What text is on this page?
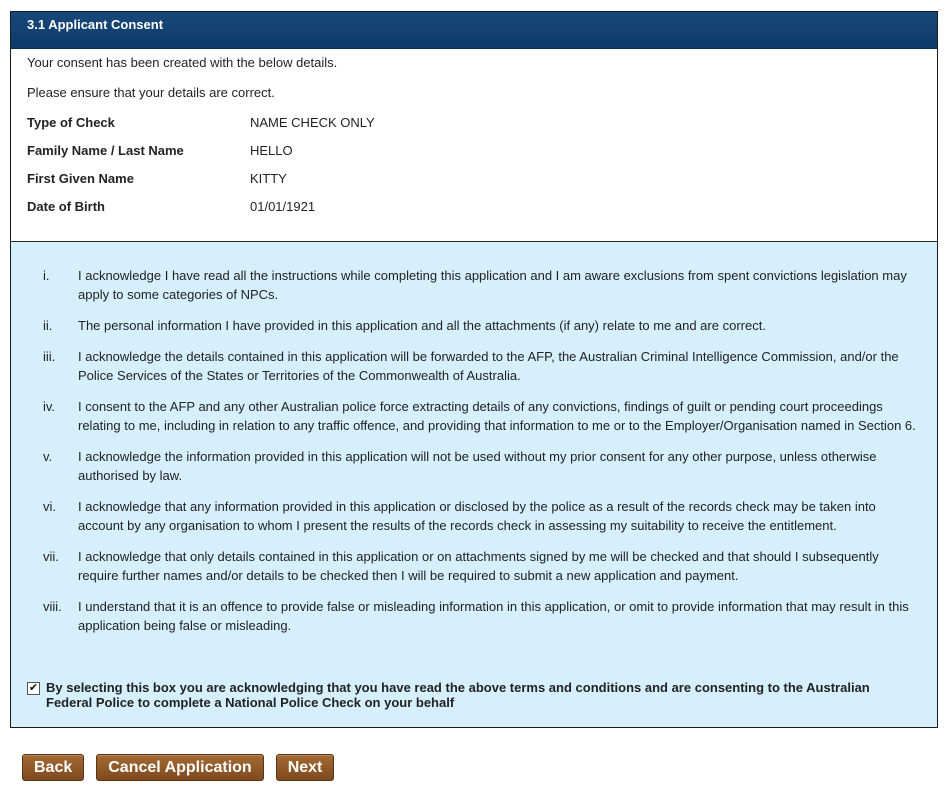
3.1 Applicant Consent

Your consent has been created with the below details.

Please ensure that your details are correct.

Type of Check	NAME CHECK ONLY
Family Name / Last Name	HELLO
First Given Name	KITTY
Date of Birth	01/01/1921
i.	I acknowledge I have read all the instructions while completing this application and I am aware exclusions from spent convictions legislation may apply to some categories of NPCs.
ii.	The personal information I have provided in this application and all the attachments (if any) relate to me and are correct.
iii.	I acknowledge the details contained in this application will be forwarded to the AFP, the Australian Criminal Intelligence Commission, and/or the Police Services of the States or Territories of the Commonwealth of Australia.
iv.	I consent to the AFP and any other Australian police force extracting details of any convictions, findings of guilt or pending court proceedings relating to me, including in relation to any traffic offence, and providing that information to me or to the Employer/Organisation named in Section 6.
v.	I acknowledge the information provided in this application will not be used without my prior consent for any other purpose, unless otherwise authorised by law.
vi.	I acknowledge that any information provided in this application or disclosed by the police as a result of the records check may be taken into account by any organisation to whom I present the results of the records check in assessing my suitability to receive the entitlement.
vii.	I acknowledge that only details contained in this application or on attachments signed by me will be checked and that should I subsequently require further names and/or details to be checked then I will be required to submit a new application and payment.
viii.	I understand that it is an offence to provide false or misleading information in this application, or omit to provide information that may result in this application being false or misleading.
✔ By selecting this box you are acknowledging that you have read the above terms and conditions and are consenting to the Australian Federal Police to complete a National Police Check on your behalf
Back	Cancel Application	Next
